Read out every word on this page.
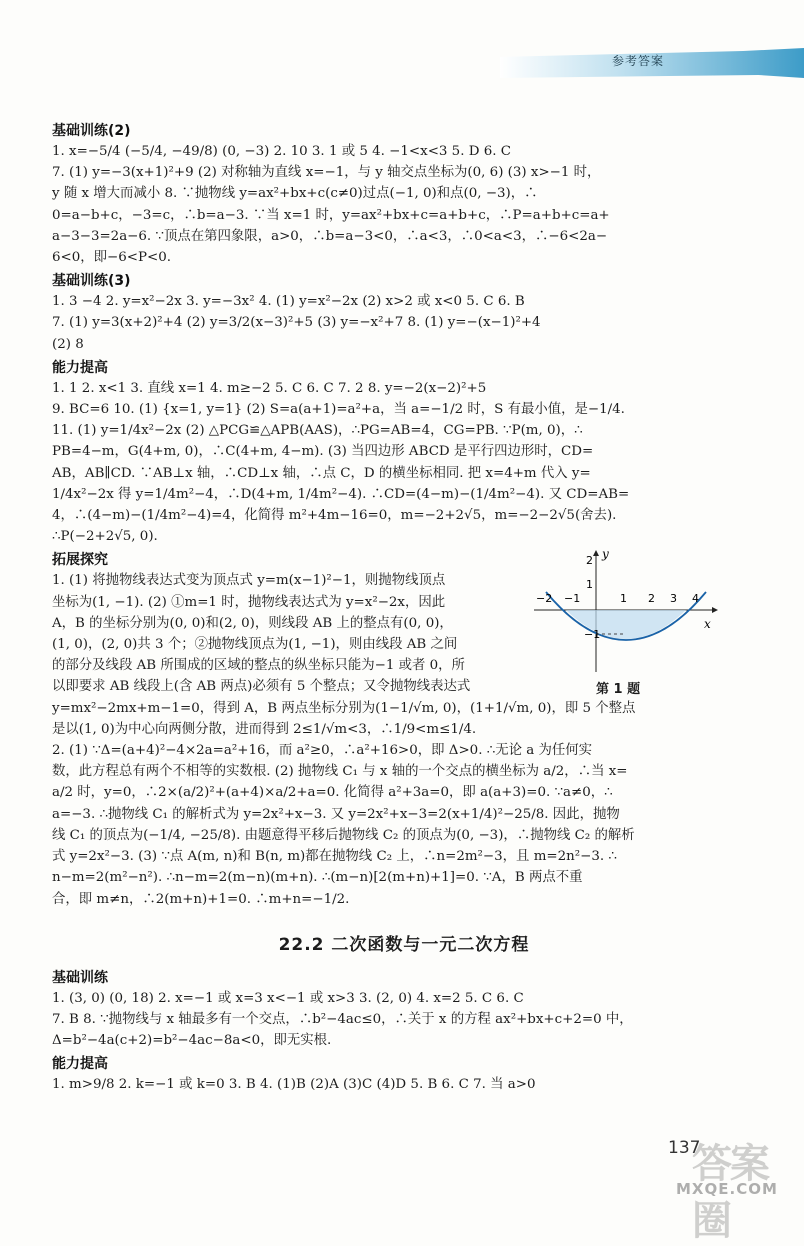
参考答案
基础训练(2)
1. x=−5/4 (−5/4, −49/8) (0, −3) 2. 10 3. 1 或 5 4. −1<x<3 5. D 6. C
7. (1) y=−3(x+1)²+9 (2) 对称轴为直线 x=−1，与 y 轴交点坐标为(0, 6) (3) x>−1 时，
y 随 x 增大而减小 8. ∵抛物线 y=ax²+bx+c(c≠0)过点(−1, 0)和点(0, −3)，∴
0=a−b+c，−3=c，∴b=a−3. ∵当 x=1 时，y=ax²+bx+c=a+b+c，∴P=a+b+c=a+
a−3−3=2a−6. ∵顶点在第四象限，a>0，∴b=a−3<0，∴a<3，∴0<a<3，∴−6<2a−
6<0，即−6<P<0.
基础训练(3)
1. 3 −4 2. y=x²−2x 3. y=−3x² 4. (1) y=x²−2x (2) x>2 或 x<0 5. C 6. B
7. (1) y=3(x+2)²+4 (2) y=3/2(x−3)²+5 (3) y=−x²+7 8. (1) y=−(x−1)²+4
(2) 8
能力提高
1. 1 2. x<1 3. 直线 x=1 4. m≥−2 5. C 6. C 7. 2 8. y=−2(x−2)²+5
9. BC=6 10. (1) {x=1, y=1} (2) S=a(a+1)=a²+a，当 a=−1/2 时，S 有最小值，是−1/4.
11. (1) y=1/4x²−2x (2) △PCG≌△APB(AAS)，∴PG=AB=4，CG=PB. ∵P(m, 0)，∴
PB=4−m，G(4+m, 0)，∴C(4+m, 4−m). (3) 当四边形 ABCD 是平行四边形时，CD=
AB，AB∥CD. ∵AB⊥x 轴，∴CD⊥x 轴，∴点 C，D 的横坐标相同. 把 x=4+m 代入 y=
1/4x²−2x 得 y=1/4m²−4，∴D(4+m, 1/4m²−4). ∴CD=(4−m)−(1/4m²−4). 又 CD=AB=
4，∴(4−m)−(1/4m²−4)=4，化简得 m²+4m−16=0，m=−2+2√5，m=−2−2√5(舍去).
∴P(−2+2√5, 0).
拓展探究
1. (1) 将抛物线表达式变为顶点式 y=m(x−1)²−1，则抛物线顶点
坐标为(1, −1). (2) ①m=1 时，抛物线表达式为 y=x²−2x，因此
A，B 的坐标分别为(0, 0)和(2, 0)，则线段 AB 上的整点有(0, 0)，
(1, 0)，(2, 0)共 3 个；②抛物线顶点为(1, −1)，则由线段 AB 之间
的部分及线段 AB 所围成的区域的整点的纵坐标只能为−1 或者 0，所
以即要求 AB 线段上(含 AB 两点)必须有 5 个整点；又令抛物线表达式
y=mx²−2mx+m−1=0，得到 A，B 两点坐标分别为(1−1/√m, 0)，(1+1/√m, 0)，即 5 个整点
是以(1, 0)为中心向两侧分散，进而得到 2≤1/√m<3，∴1/9<m≤1/4.
2. (1) ∵Δ=(a+4)²−4×2a=a²+16，而 a²≥0，∴a²+16>0，即 Δ>0. ∴无论 a 为任何实
数，此方程总有两个不相等的实数根. (2) 抛物线 C₁ 与 x 轴的一个交点的横坐标为 a/2，∴当 x=
a/2 时，y=0，∴2×(a/2)²+(a+4)×a/2+a=0. 化简得 a²+3a=0，即 a(a+3)=0. ∵a≠0，∴
a=−3. ∴抛物线 C₁ 的解析式为 y=2x²+x−3. 又 y=2x²+x−3=2(x+1/4)²−25/8. 因此，抛物
线 C₁ 的顶点为(−1/4, −25/8). 由题意得平移后抛物线 C₂ 的顶点为(0, −3)，∴抛物线 C₂ 的解析
式 y=2x²−3. (3) ∵点 A(m, n)和 B(n, m)都在抛物线 C₂ 上，∴n=2m²−3，且 m=2n²−3. ∴
n−m=2(m²−n²). ∴n−m=2(m−n)(m+n). ∴(m−n)[2(m+n)+1]=0. ∵A，B 两点不重
合，即 m≠n，∴2(m+n)+1=0. ∴m+n=−1/2.
22.2 二次函数与一元二次方程
基础训练
1. (3, 0) (0, 18) 2. x=−1 或 x=3 x<−1 或 x>3 3. (2, 0) 4. x=2 5. C 6. C
7. B 8. ∵抛物线与 x 轴最多有一个交点，∴b²−4ac≤0，∴关于 x 的方程 ax²+bx+c+2=0 中，
Δ=b²−4a(c+2)=b²−4ac−8a<0，即无实根.
能力提高
1. m>9/8 2. k=−1 或 k=0 3. B 4. (1)B (2)A (3)C (4)D 5. B 6. C 7. 当 a>0
y
x
2
1
−2 −1	1 2 3 4
−1
第 1 题
137
答案圈
MXQE.COM
